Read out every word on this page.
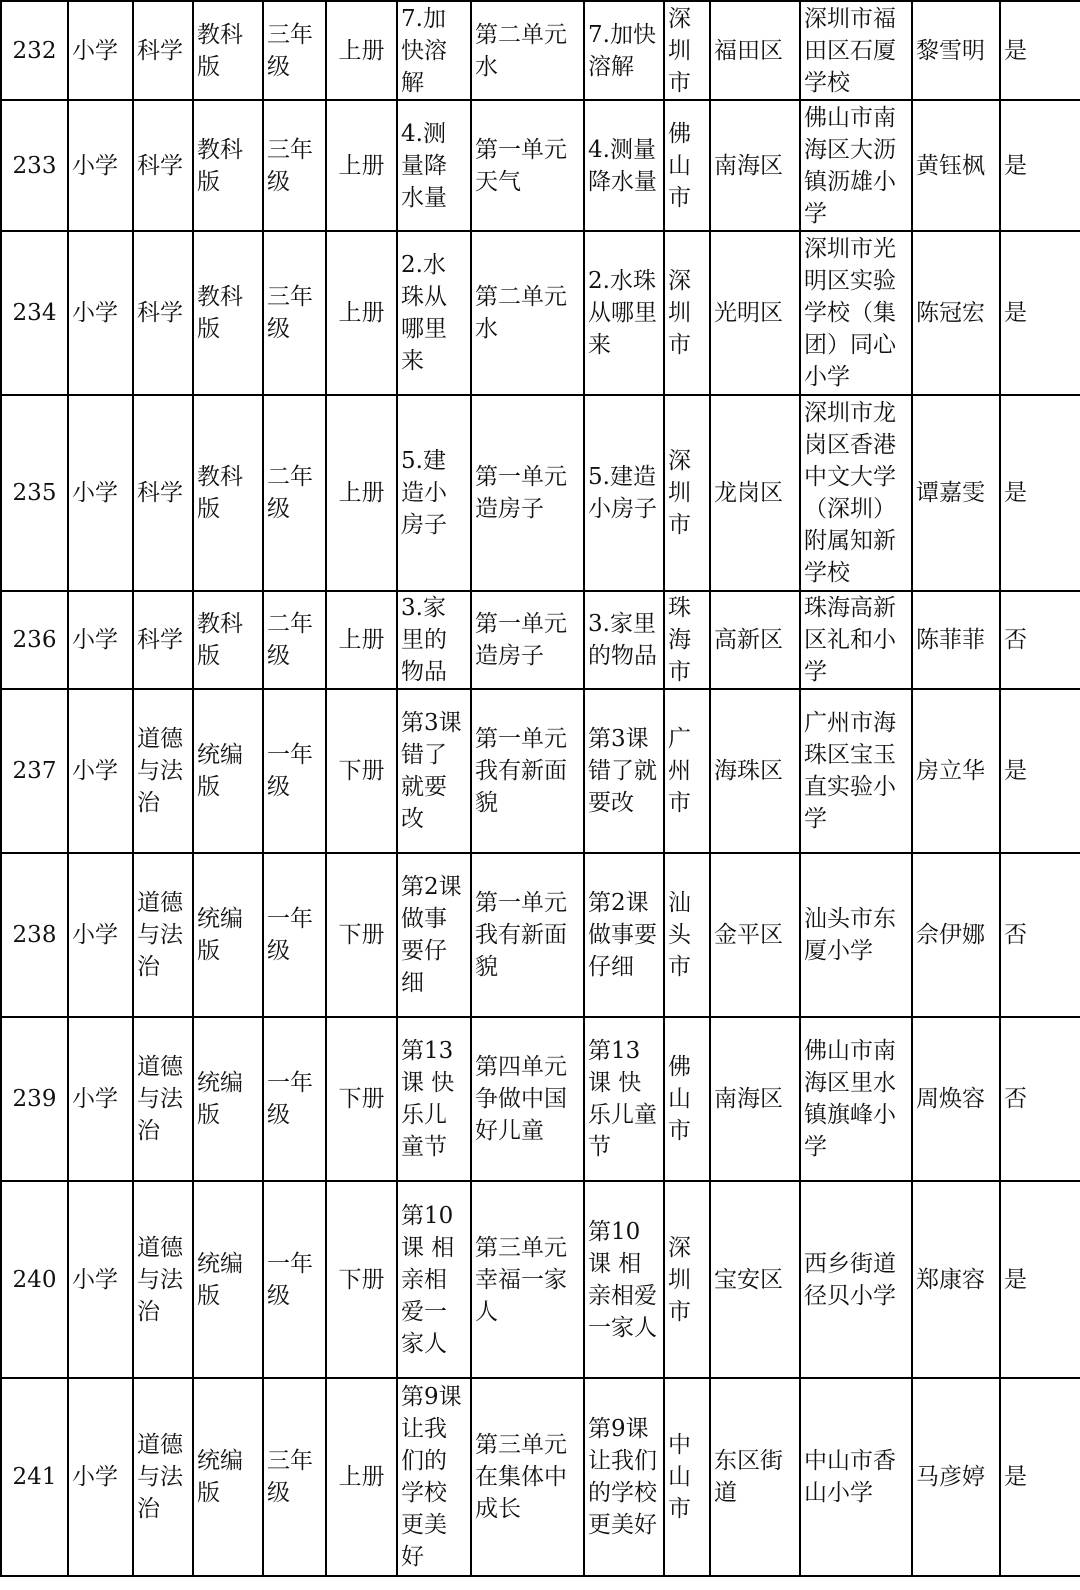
232	小学	科学	教科版	三年级	上册	7.加快溶解	第二单元水	7.加快溶解	深圳市	福田区	深圳市福田区石厦学校	黎雪明	是
233	小学	科学	教科版	三年级	上册	4.测量降水量	第一单元天气	4.测量降水量	佛山市	南海区	佛山市南海区大沥镇沥雄小学	黄钰枫	是
234	小学	科学	教科版	三年级	上册	2.水珠从哪里来	第二单元水	2.水珠从哪里来	深圳市	光明区	深圳市光明区实验学校（集团）同心小学	陈冠宏	是
235	小学	科学	教科版	二年级	上册	5.建造小房子	第一单元造房子	5.建造小房子	深圳市	龙岗区	深圳市龙岗区香港中文大学（深圳）附属知新学校	谭嘉雯	是
236	小学	科学	教科版	二年级	上册	3.家里的物品	第一单元造房子	3.家里的物品	珠海市	高新区	珠海高新区礼和小学	陈菲菲	否
237	小学	道德与法治	统编版	一年级	下册	第3课 错了就要改	第一单元 我有新面貌	第3课 错了就要改	广州市	海珠区	广州市海珠区宝玉直实验小学	房立华	是
238	小学	道德与法治	统编版	一年级	下册	第2课 做事要仔细	第一单元 我有新面貌	第2课 做事要仔细	汕头市	金平区	汕头市东厦小学	佘伊娜	否
239	小学	道德与法治	统编版	一年级	下册	第13课 快乐儿童节	第四单元 争做中国好儿童	第13课 快乐儿童节	佛山市	南海区	佛山市南海区里水镇旗峰小学	周焕容	否
240	小学	道德与法治	统编版	一年级	下册	第10课 相亲相爱一家人	第三单元 幸福一家人	第10课 相亲相爱一家人	深圳市	宝安区	西乡街道径贝小学	郑康容	是
241	小学	道德与法治	统编版	三年级	上册	第9课让我们的学校更美好	第三单元在集体中成长	第9课让我们的学校更美好	中山市	东区街道	中山市香山小学	马彦婷	是
